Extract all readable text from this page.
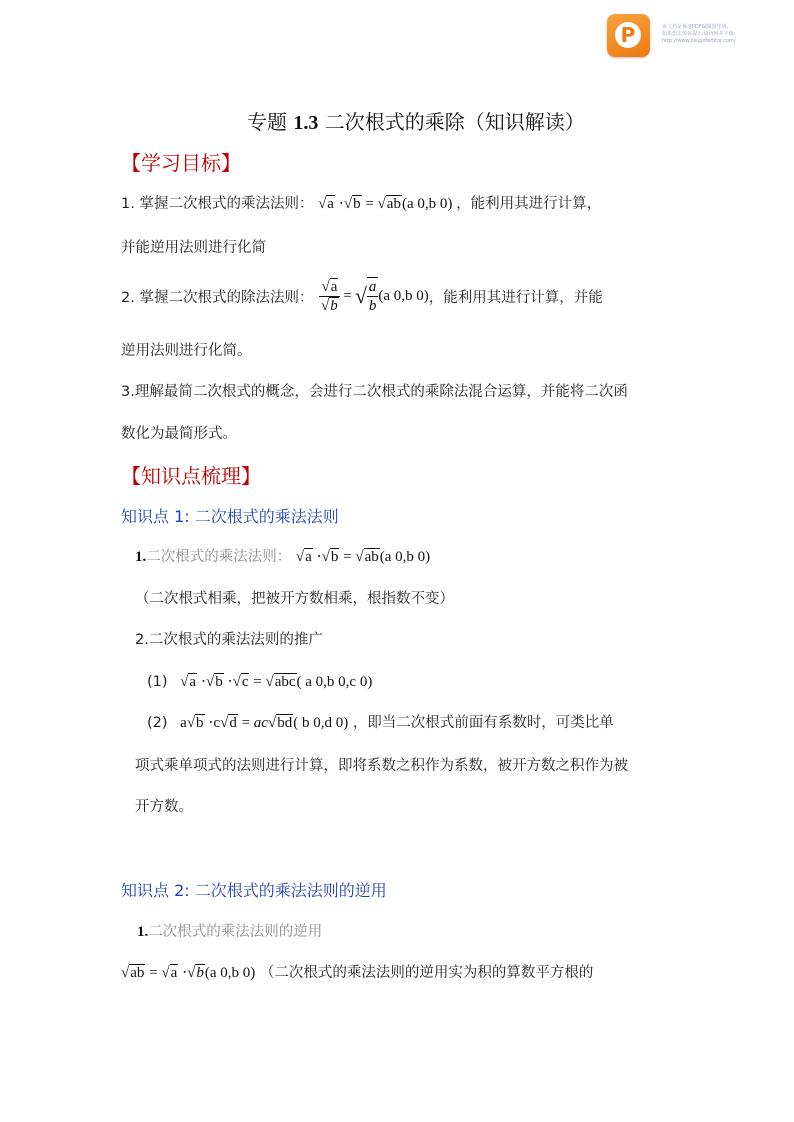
P	该文档是极速PDF编辑器生成,
如果想去掉该提示,请访问并下载:
http://www.jisupdfeditor.com/
专题 1.3 二次根式的乘除（知识解读）
【学习目标】
1. 掌握二次根式的乘法法则： √a ⋅√b = √ab(a 0,b 0) ，能利用其进行计算，
并能逆用法则进行化简
2. 掌握二次根式的除法法则： $\frac{√a}{√b}$ = √ $\frac{a}{b} (a$ 0,b 0) ，能利用其进行计算，并能
逆用法则进行化简。
3.理解最简二次根式的概念，会进行二次根式的乘除法混合运算，并能将二次函
数化为最简形式。
【知识点梳理】
知识点 1: 二次根式的乘法法则
1.二次根式的乘法法则： √a ⋅√b = √ab(a 0,b 0)
（二次根式相乘，把被开方数相乘，根指数不变）
2.二次根式的乘法法则的推广
(1) √a ⋅√b ⋅√c = √abc( a 0,b 0,c 0)
(2) a√b ⋅c√d = ac√bd( b 0,d 0) ，即当二次根式前面有系数时，可类比单
项式乘单项式的法则进行计算，即将系数之积作为系数，被开方数之积作为被
开方数。
知识点 2: 二次根式的乘法法则的逆用
1.二次根式的乘法法则的逆用
√ab = √a ⋅√b(a 0,b 0) （二次根式的乘法法则的逆用实为积的算数平方根的
